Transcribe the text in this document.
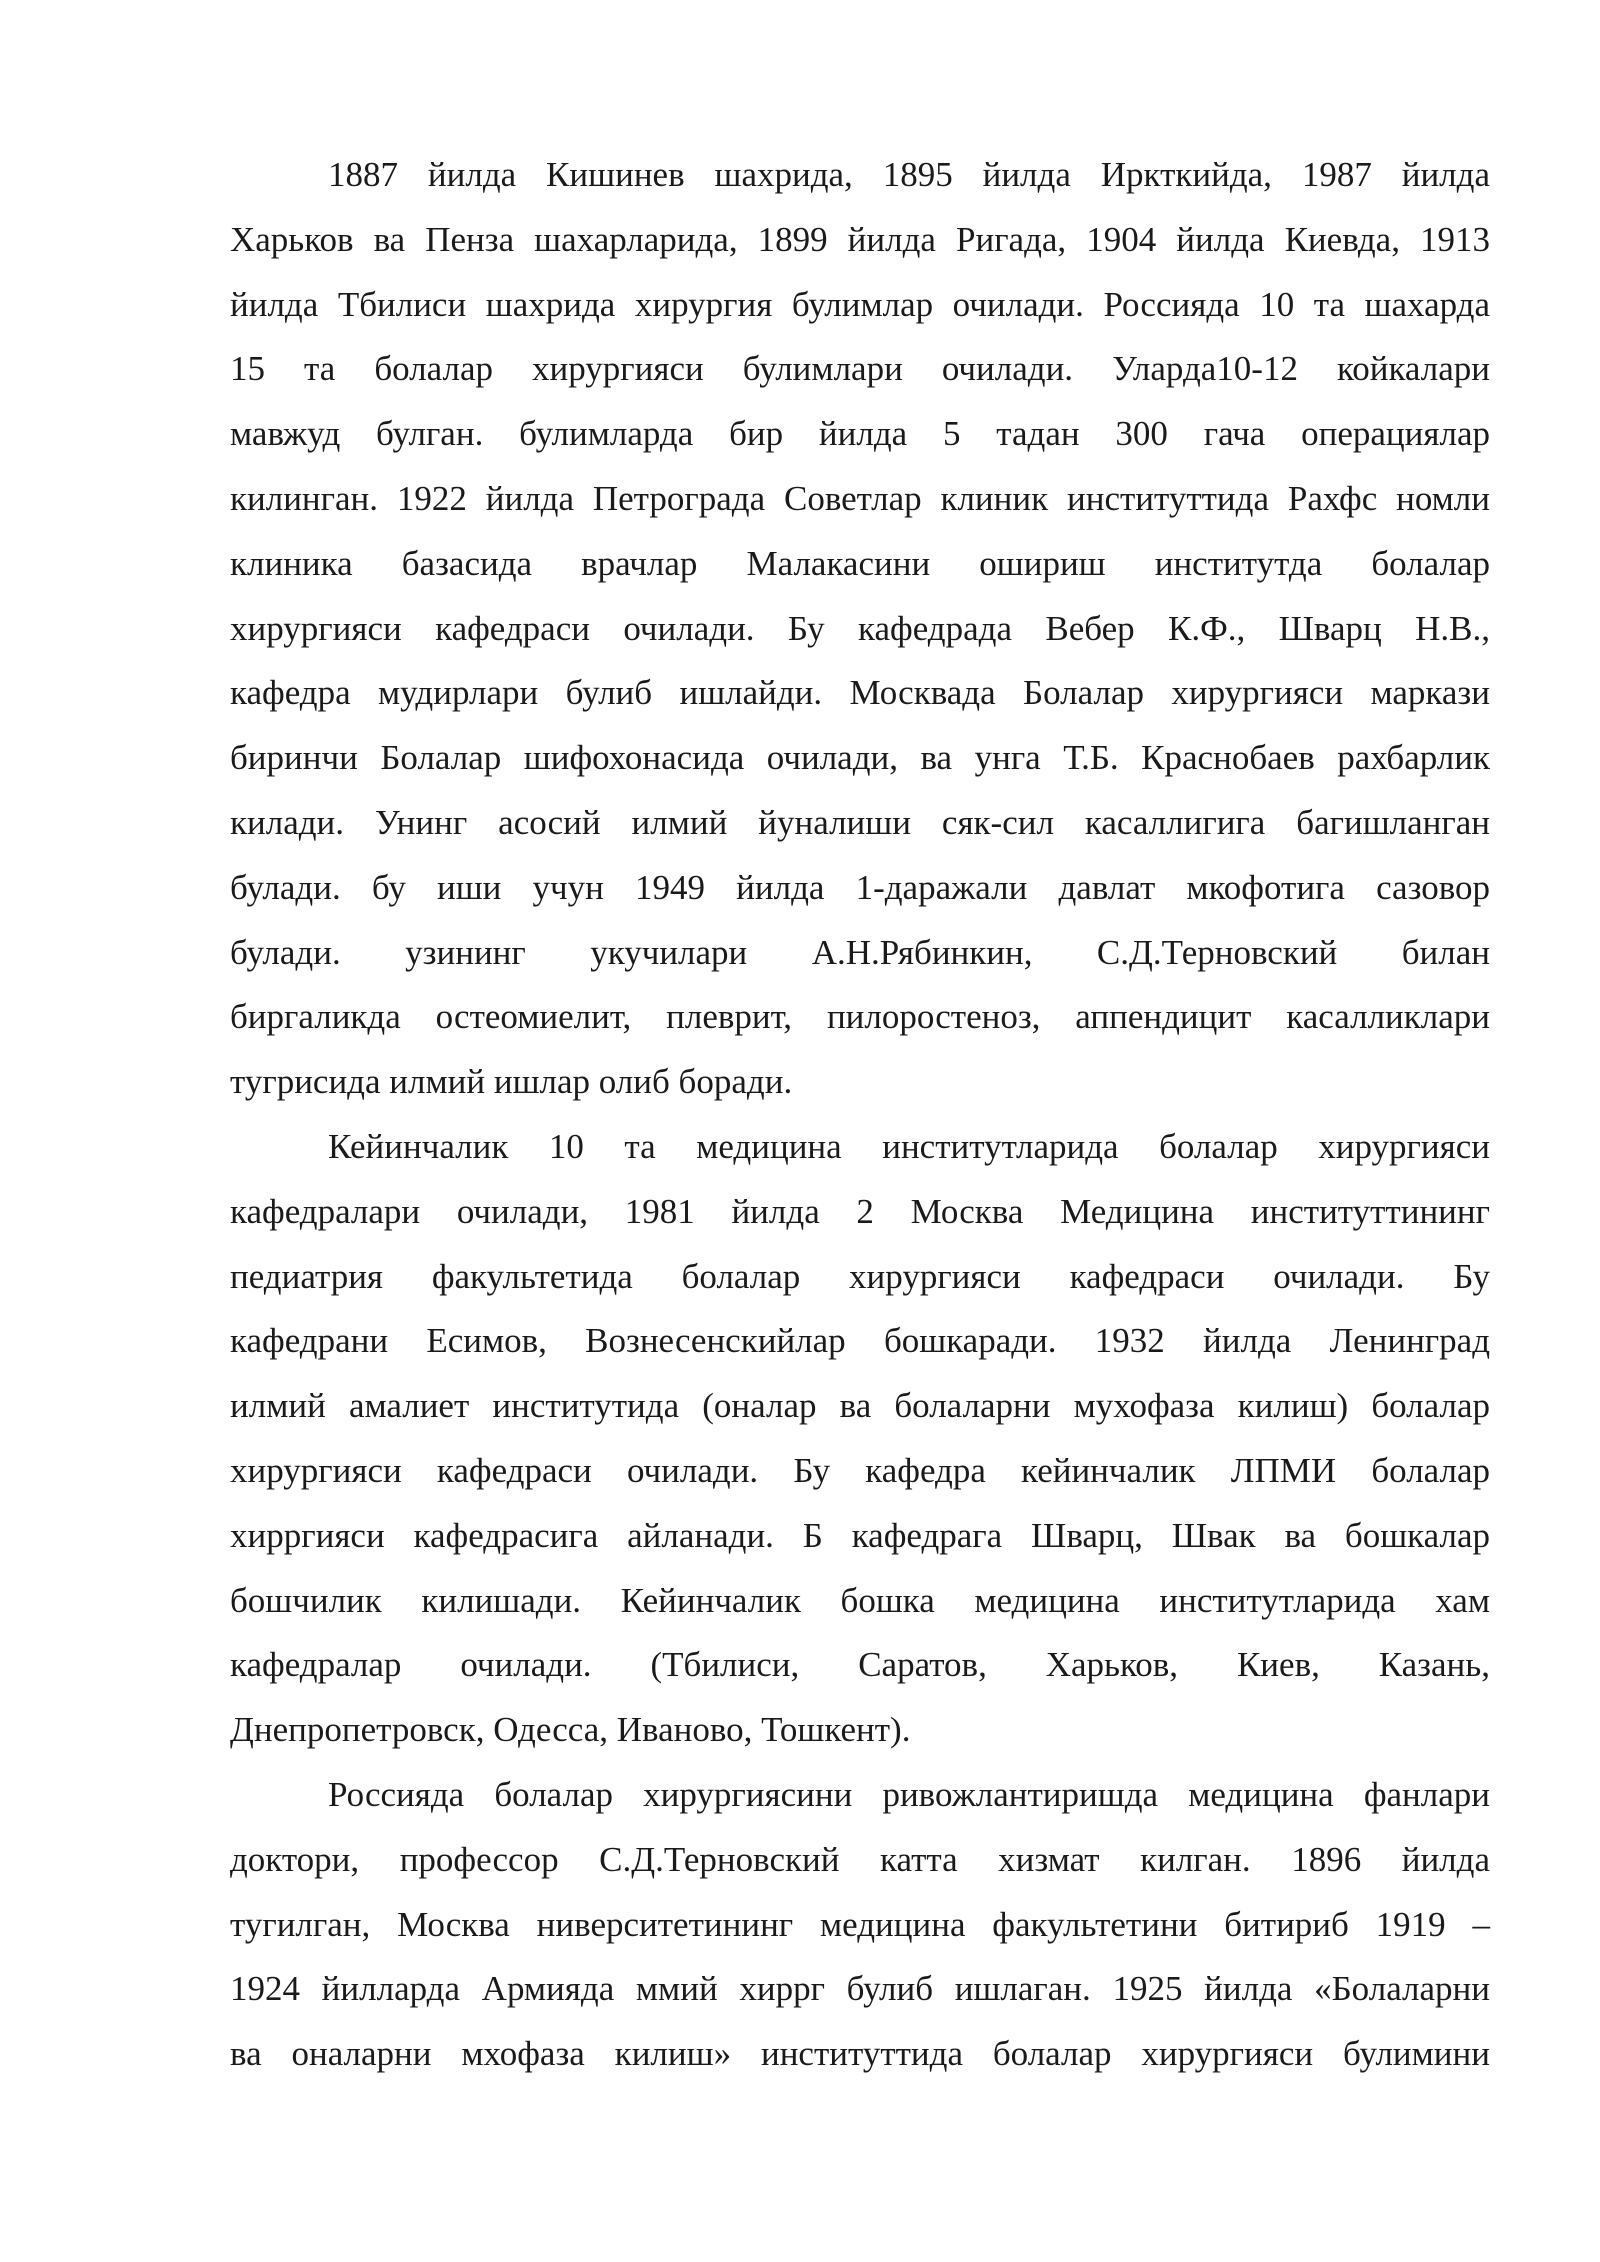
1887 йилда Кишинев шахрида, 1895 йилда Иркткийда, 1987 йилда
Харьков ва Пенза шахарларида, 1899 йилда Ригада, 1904 йилда Киевда, 1913
йилда Тбилиси шахрида хирургия булимлар очилади. Россияда 10 та шахарда
15 та болалар хирургияси булимлари очилади. Уларда10-12 койкалари
мавжуд булган. булимларда бир йилда 5 тадан 300 гача операциялар
килинган. 1922 йилда Петрограда Советлар клиник институттида Рахфс номли
клиника базасида врачлар Малакасини ошириш институтда болалар
хирургияси кафедраси очилади. Бу кафедрада Вебер К.Ф., Шварц Н.В.,
кафедра мудирлари булиб ишлайди. Москвада Болалар хирургияси маркази
биринчи Болалар шифохонасида очилади, ва унга Т.Б. Краснобаев рахбарлик
килади. Унинг асосий илмий йуналиши сяк-сил касаллигига багишланган
булади. бу иши учун 1949 йилда 1-даражали давлат мкофотига сазовор
булади. узининг укучилари А.Н.Рябинкин, С.Д.Терновский билан
биргаликда остеомиелит, плеврит, пилоростеноз, аппендицит касалликлари
тугрисида илмий ишлар олиб боради.
Кейинчалик 10 та медицина институтларида болалар хирургияси
кафедралари очилади, 1981 йилда 2 Москва Медицина институттининг
педиатрия факультетида болалар хирургияси кафедраси очилади. Бу
кафедрани Есимов, Вознесенскийлар бошкаради. 1932 йилда Ленинград
илмий амалиет институтида (оналар ва болаларни мухофаза килиш) болалар
хирургияси кафедраси очилади. Бу кафедра кейинчалик ЛПМИ болалар
хирргияси кафедрасига айланади. Б кафедрага Шварц, Швак ва бошкалар
бошчилик килишади. Кейинчалик бошка медицина институтларида хам
кафедралар очилади. (Тбилиси, Саратов, Харьков, Киев, Казань,
Днепропетровск, Одесса, Иваново, Тошкент).
Россияда болалар хирургиясини ривожлантиришда медицина фанлари
доктори, профессор С.Д.Терновский катта хизмат килган. 1896 йилда
тугилган, Москва ниверситетининг медицина факультетини битириб 1919 –
1924 йилларда Армияда ммий хиррг булиб ишлаган. 1925 йилда «Болаларни
ва оналарни мхофаза килиш» институттида болалар хирургияси булимини
